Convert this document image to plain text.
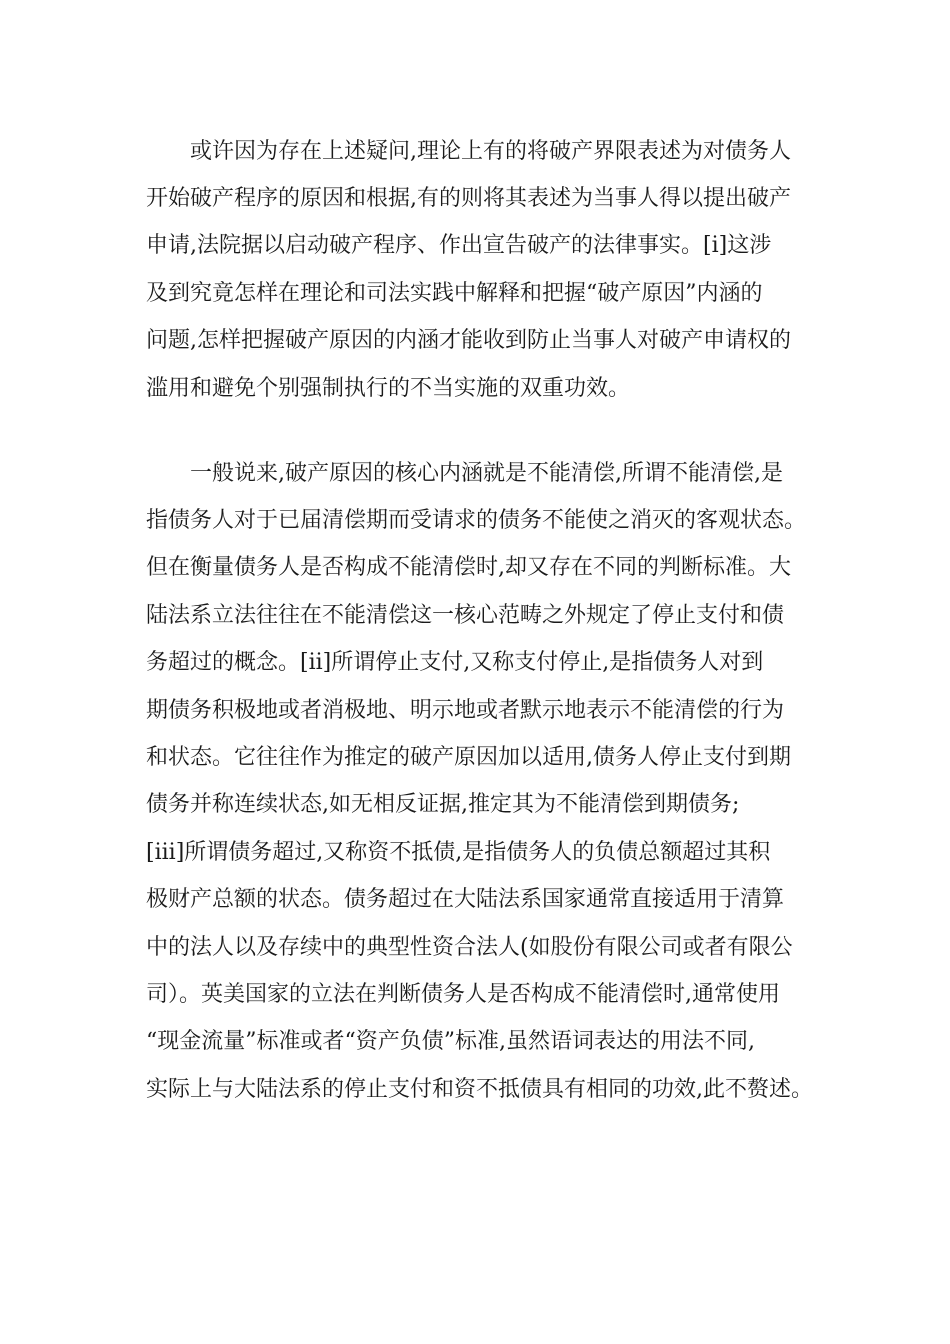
或许因为存在上述疑问,理论上有的将破产界限表述为对债务人
开始破产程序的原因和根据,有的则将其表述为当事人得以提出破产
申请,法院据以启动破产程序、作出宣告破产的法律事实。[i]这涉
及到究竟怎样在理论和司法实践中解释和把握“破产原因”内涵的
问题,怎样把握破产原因的内涵才能收到防止当事人对破产申请权的
滥用和避免个别强制执行的不当实施的双重功效。
一般说来,破产原因的核心内涵就是不能清偿,所谓不能清偿,是
指债务人对于已届清偿期而受请求的债务不能使之消灭的客观状态。
但在衡量债务人是否构成不能清偿时,却又存在不同的判断标准。大
陆法系立法往往在不能清偿这一核心范畴之外规定了停止支付和债
务超过的概念。[ii]所谓停止支付,又称支付停止,是指债务人对到
期债务积极地或者消极地、明示地或者默示地表示不能清偿的行为
和状态。它往往作为推定的破产原因加以适用,债务人停止支付到期
债务并称连续状态,如无相反证据,推定其为不能清偿到期债务;
[iii]所谓债务超过,又称资不抵债,是指债务人的负债总额超过其积
极财产总额的状态。债务超过在大陆法系国家通常直接适用于清算
中的法人以及存续中的典型性资合法人(如股份有限公司或者有限公
司）。英美国家的立法在判断债务人是否构成不能清偿时,通常使用
“现金流量”标准或者“资产负债”标准,虽然语词表达的用法不同,
实际上与大陆法系的停止支付和资不抵债具有相同的功效,此不赘述。
